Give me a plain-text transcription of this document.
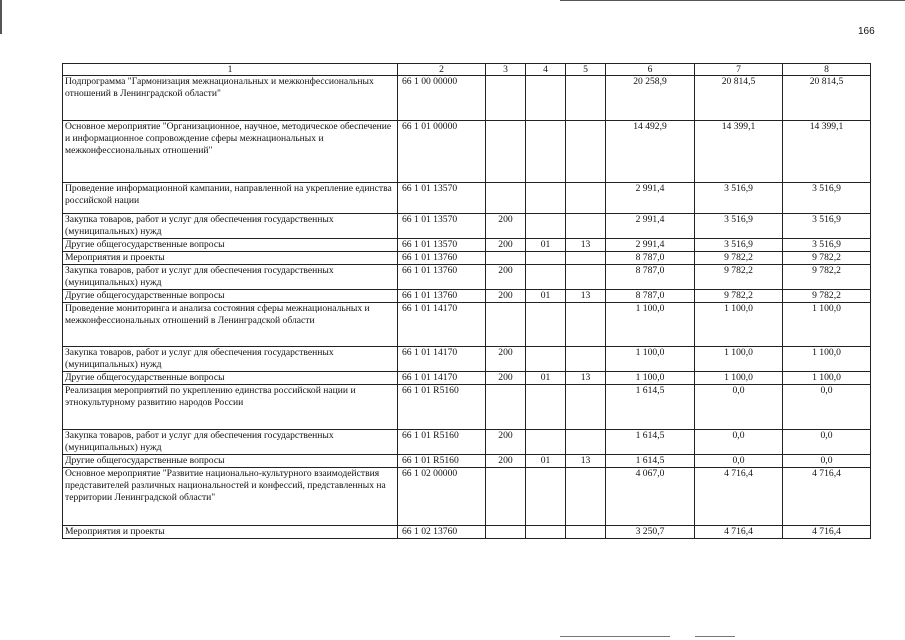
166
1	2	3	4	5	6	7	8
Подпрограмма "Гармонизация межнациональных и межконфессиональных отношений в Ленинградской области"	66 1 00 00000				20 258,9	20 814,5	20 814,5
Основное мероприятие "Организационное, научное, методическое обеспечение и информационное сопровождение сферы межнациональных и межконфессиональных отношений"	66 1 01 00000				14 492,9	14 399,1	14 399,1
Проведение информационной кампании, направленной на укрепление единства российской нации	66 1 01 13570				2 991,4	3 516,9	3 516,9
Закупка товаров, работ и услуг для обеспечения государственных (муниципальных) нужд	66 1 01 13570	200			2 991,4	3 516,9	3 516,9
Другие общегосударственные вопросы	66 1 01 13570	200	01	13	2 991,4	3 516,9	3 516,9
Мероприятия и проекты	66 1 01 13760				8 787,0	9 782,2	9 782,2
Закупка товаров, работ и услуг для обеспечения государственных (муниципальных) нужд	66 1 01 13760	200			8 787,0	9 782,2	9 782,2
Другие общегосударственные вопросы	66 1 01 13760	200	01	13	8 787,0	9 782,2	9 782,2
Проведение мониторинга и анализа состояния сферы межнациональных и межконфессиональных отношений в Ленинградской области	66 1 01 14170				1 100,0	1 100,0	1 100,0
Закупка товаров, работ и услуг для обеспечения государственных (муниципальных) нужд	66 1 01 14170	200			1 100,0	1 100,0	1 100,0
Другие общегосударственные вопросы	66 1 01 14170	200	01	13	1 100,0	1 100,0	1 100,0
Реализация мероприятий по укреплению единства российской нации и этнокультурному развитию народов России	66 1 01 R5160				1 614,5	0,0	0,0
Закупка товаров, работ и услуг для обеспечения государственных (муниципальных) нужд	66 1 01 R5160	200			1 614,5	0,0	0,0
Другие общегосударственные вопросы	66 1 01 R5160	200	01	13	1 614,5	0,0	0,0
Основное мероприятие "Развитие национально-культурного взаимодействия представителей различных национальностей и конфессий, представленных на территории Ленинградской области"	66 1 02 00000				4 067,0	4 716,4	4 716,4
Мероприятия и проекты	66 1 02 13760				3 250,7	4 716,4	4 716,4
